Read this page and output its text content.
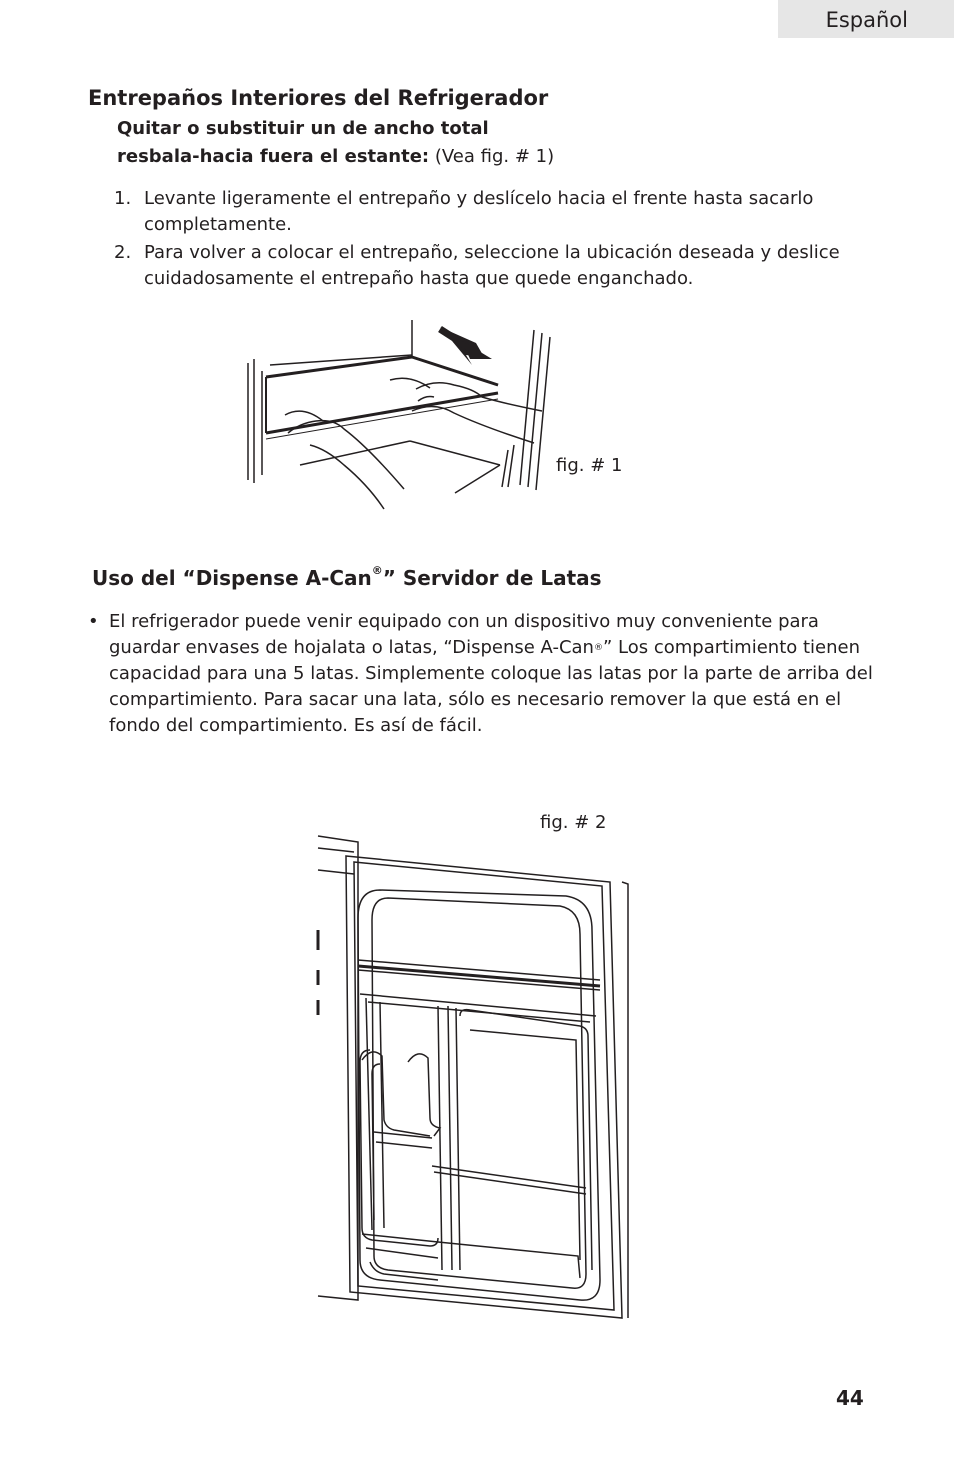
Español
Entrepaños Interiores del Refrigerador
Quitar o substituir un de ancho total
resbala-hacia fuera el estante: (Vea fig. # 1)
1. Levante ligeramente el entrepaño y deslícelo hacia el frente hasta sacarlo completamente.
2. Para volver a colocar el entrepaño, seleccione la ubicación deseada y deslice cuidadosamente el entrepaño hasta que quede enganchado.
fig. # 1
Uso del “Dispense A-Can®” Servidor de Latas
• El refrigerador puede venir equipado con un dispositivo muy conveniente para guardar envases de hojalata o latas, “Dispense A-Can®” Los compartimiento tienen capacidad para una 5 latas. Simplemente coloque las latas por la parte de arriba del compartimiento. Para sacar una lata, sólo es necesario remover la que está en el fondo del compartimiento. Es así de fácil.
fig. # 2
44
